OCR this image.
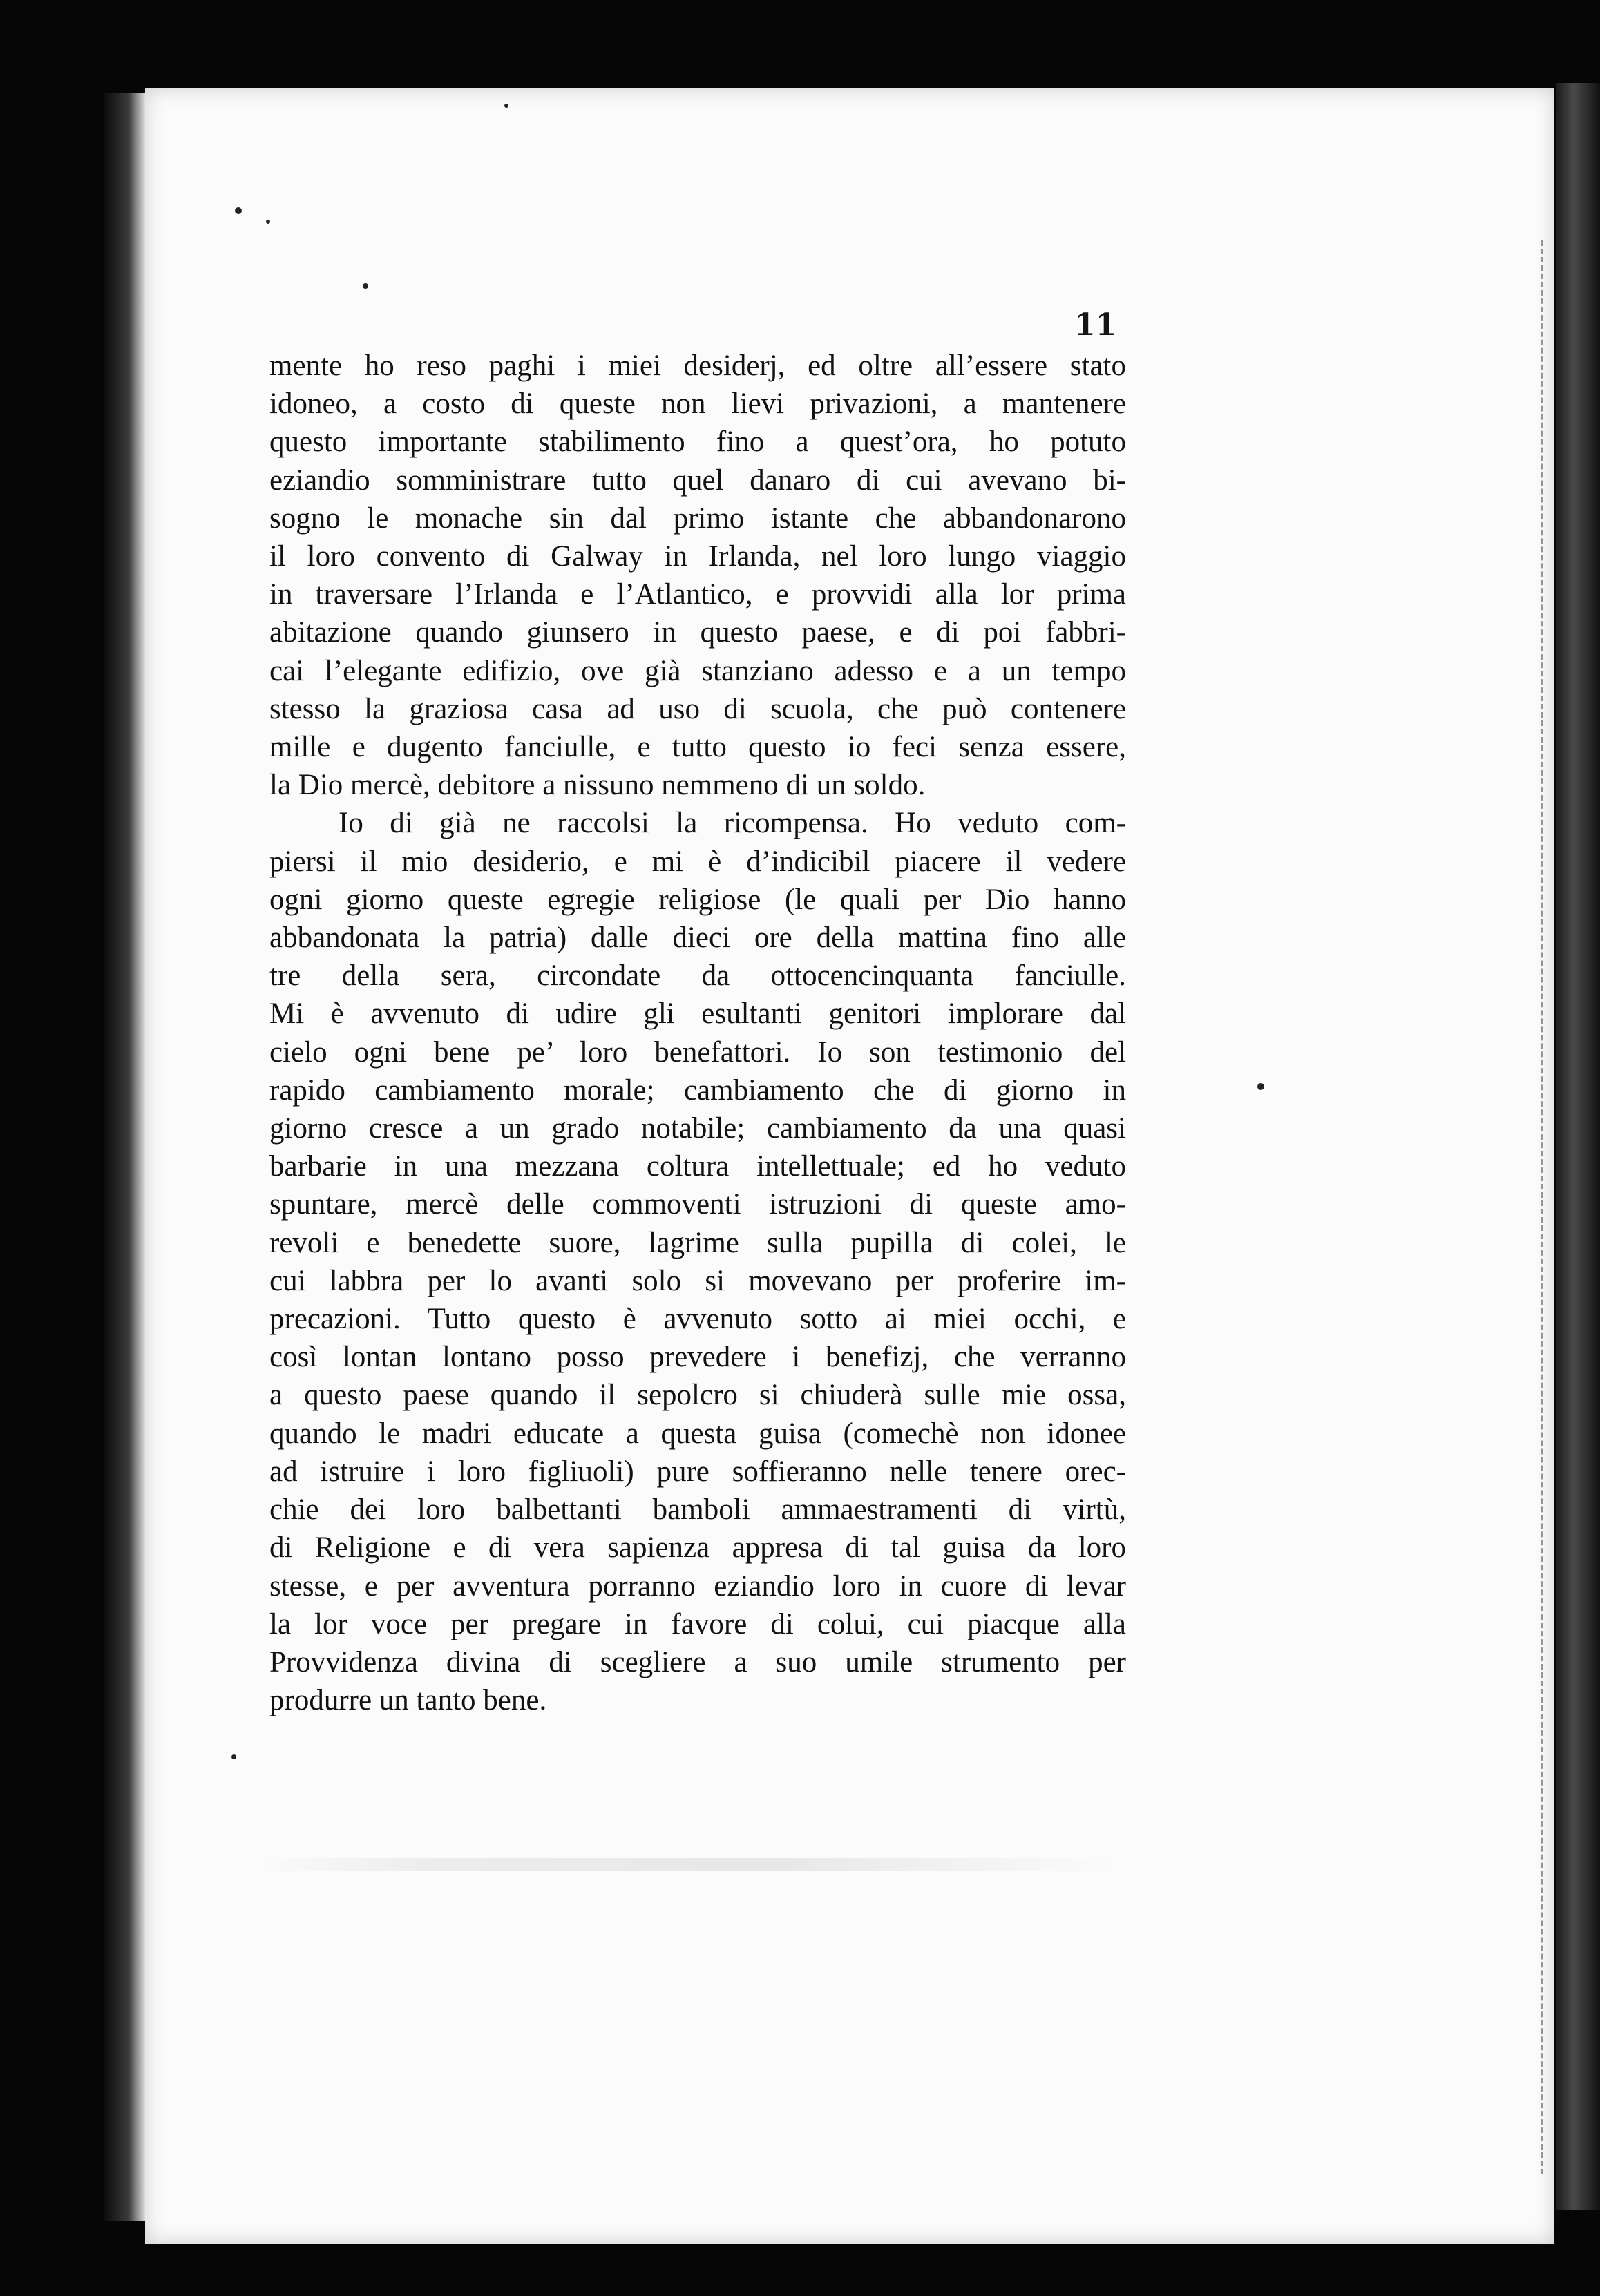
11

mente ho reso paghi i miei desiderj, ed oltre all’essere stato

idoneo, a costo di queste non lievi privazioni, a mantenere

questo importante stabilimento fino a quest’ora, ho potuto

eziandio somministrare tutto quel danaro di cui avevano bi-

sogno le monache sin dal primo istante che abbandonarono

il loro convento di Galway in Irlanda, nel loro lungo viaggio

in traversare l’Irlanda e l’Atlantico, e provvidi alla lor prima

abitazione quando giunsero in questo paese, e di poi fabbri-

cai l’elegante edifizio, ove già stanziano adesso e a un tempo

stesso la graziosa casa ad uso di scuola, che può contenere

mille e dugento fanciulle, e tutto questo io feci senza essere,

la Dio mercè, debitore a nissuno nemmeno di un soldo.

Io di già ne raccolsi la ricompensa. Ho veduto com-

piersi il mio desiderio, e mi è d’indicibil piacere il vedere

ogni giorno queste egregie religiose (le quali per Dio hanno

abbandonata la patria) dalle dieci ore della mattina fino alle

tre della sera, circondate da ottocencinquanta fanciulle.

Mi è avvenuto di udire gli esultanti genitori implorare dal

cielo ogni bene pe’ loro benefattori. Io son testimonio del

rapido cambiamento morale; cambiamento che di giorno in

giorno cresce a un grado notabile; cambiamento da una quasi

barbarie in una mezzana coltura intellettuale; ed ho veduto

spuntare, mercè delle commoventi istruzioni di queste amo-

revoli e benedette suore, lagrime sulla pupilla di colei, le

cui labbra per lo avanti solo si movevano per proferire im-

precazioni. Tutto questo è avvenuto sotto ai miei occhi, e

così lontan lontano posso prevedere i benefizj, che verranno

a questo paese quando il sepolcro si chiuderà sulle mie ossa,

quando le madri educate a questa guisa (comechè non idonee

ad istruire i loro figliuoli) pure soffieranno nelle tenere orec-

chie dei loro balbettanti bamboli ammaestramenti di virtù,

di Religione e di vera sapienza appresa di tal guisa da loro

stesse, e per avventura porranno eziandio loro in cuore di levar

la lor voce per pregare in favore di colui, cui piacque alla

Provvidenza divina di scegliere a suo umile strumento per

produrre un tanto bene.
